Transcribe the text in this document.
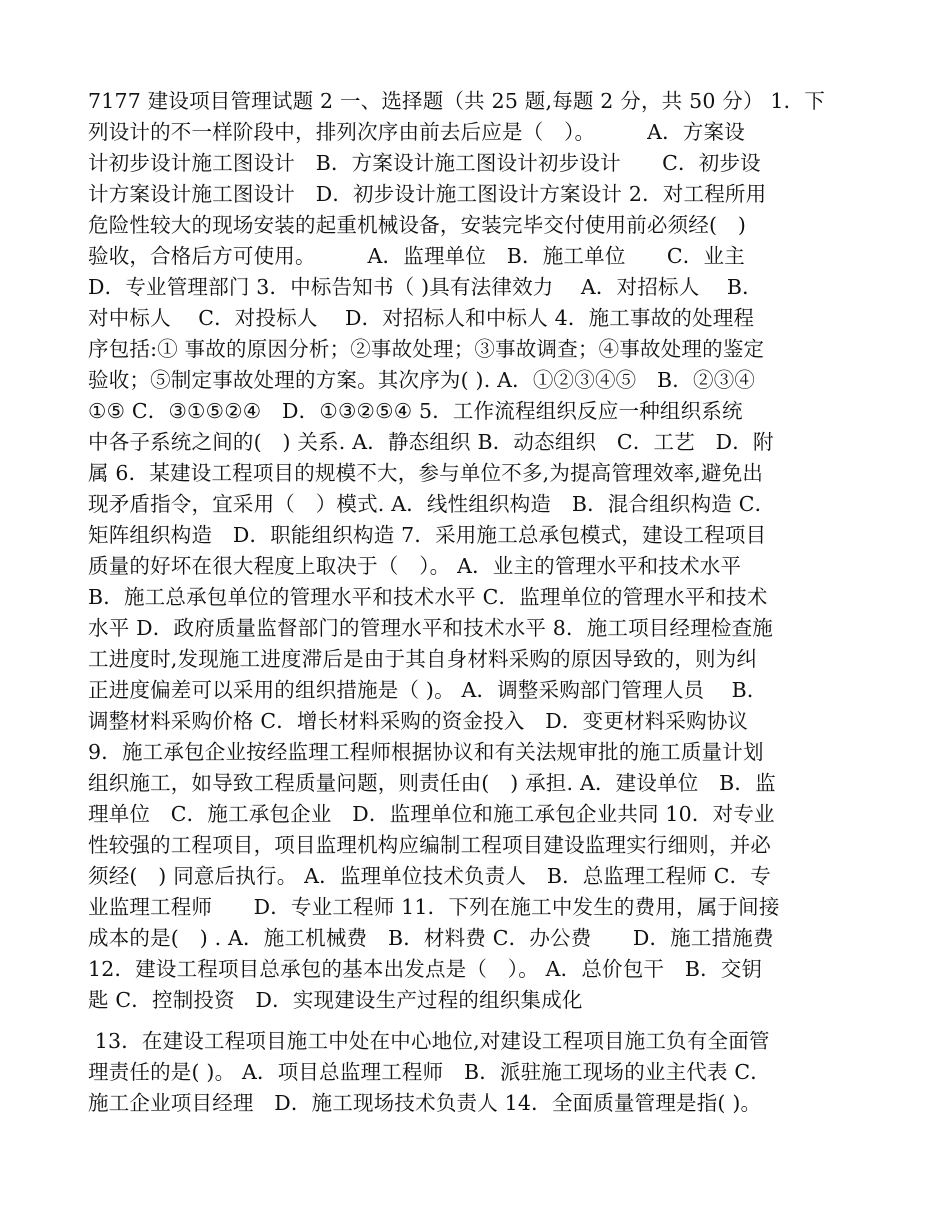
7177 建设项目管理试题 2 一、选择题（共 25 题,每题 2 分，共 50 分） 1．下
列设计的不一样阶段中，排列次序由前去后应是（　）。　　　A．方案设
计初步设计施工图设计　B．方案设计施工图设计初步设计　　C．初步设
计方案设计施工图设计　D．初步设计施工图设计方案设计 2．对工程所用
危险性较大的现场安装的起重机械设备，安装完毕交付使用前必须经(　)
验收，合格后方可使用。　　　A．监理单位　B．施工单位　　C．业主
D．专业管理部门 3．中标告知书（ )具有法律效力　 A．对招标人　 B．
对中标人　 C．对投标人　 D．对招标人和中标人 4．施工事故的处理程
序包括:① 事故的原因分析；②事故处理；③事故调查；④事故处理的鉴定
验收；⑤制定事故处理的方案。其次序为( ). A．①②③④⑤　B．②③④
①⑤ C．③①⑤②④　D．①③②⑤④ 5．工作流程组织反应一种组织系统
中各子系统之间的(　) 关系. A．静态组织 B．动态组织　C．工艺　D．附
属 6．某建设工程项目的规模不大，参与单位不多,为提高管理效率,避免出
现矛盾指令，宜采用（　）模式. A．线性组织构造　B．混合组织构造 C．
矩阵组织构造　D．职能组织构造 7．采用施工总承包模式，建设工程项目
质量的好坏在很大程度上取决于（　）。 A．业主的管理水平和技术水平
B．施工总承包单位的管理水平和技术水平 C．监理单位的管理水平和技术
水平 D．政府质量监督部门的管理水平和技术水平 8．施工项目经理检查施
工进度时,发现施工进度滞后是由于其自身材料采购的原因导致的，则为纠
正进度偏差可以采用的组织措施是（ )。 A．调整采购部门管理人员　 B．
调整材料采购价格 C．增长材料采购的资金投入　D．变更材料采购协议
9．施工承包企业按经监理工程师根据协议和有关法规审批的施工质量计划
组织施工，如导致工程质量问题，则责任由(　) 承担. A．建设单位　B．监
理单位　C．施工承包企业　D．监理单位和施工承包企业共同 10．对专业
性较强的工程项目，项目监理机构应编制工程项目建设监理实行细则，并必
须经(　) 同意后执行。 A．监理单位技术负责人　B．总监理工程师 C．专
业监理工程师　　D．专业工程师 11．下列在施工中发生的费用，属于间接
成本的是(　) . A．施工机械费　B．材料费 C．办公费　　D．施工措施费
12．建设工程项目总承包的基本出发点是（　）。 A．总价包干　B．交钥
匙 C．控制投资　D．实现建设生产过程的组织集成化
13．在建设工程项目施工中处在中心地位,对建设工程项目施工负有全面管
理责任的是( )。 A．项目总监理工程师　B．派驻施工现场的业主代表 C．
施工企业项目经理　D．施工现场技术负责人 14．全面质量管理是指( )。
